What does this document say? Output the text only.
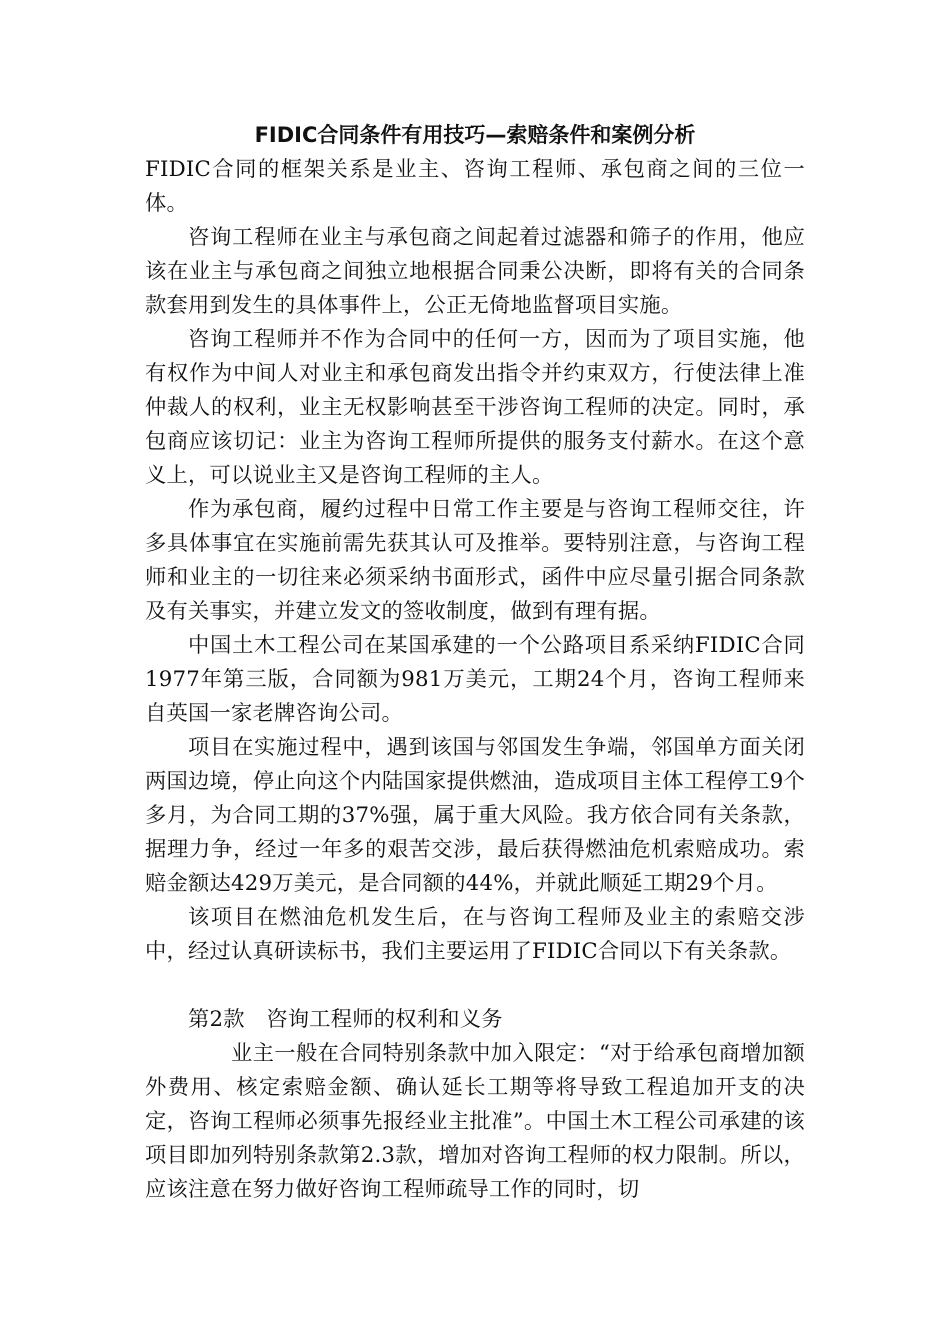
FIDIC合同条件有用技巧—索赔条件和案例分析

FIDIC合同的框架关系是业主、咨询工程师、承包商之间的三位一体。

咨询工程师在业主与承包商之间起着过滤器和筛子的作用，他应该在业主与承包商之间独立地根据合同秉公决断，即将有关的合同条款套用到发生的具体事件上，公正无倚地监督项目实施。

咨询工程师并不作为合同中的任何一方，因而为了项目实施，他有权作为中间人对业主和承包商发出指令并约束双方，行使法律上准仲裁人的权利，业主无权影响甚至干涉咨询工程师的决定。同时，承包商应该切记：业主为咨询工程师所提供的服务支付薪水。在这个意义上，可以说业主又是咨询工程师的主人。

作为承包商，履约过程中日常工作主要是与咨询工程师交往，许多具体事宜在实施前需先获其认可及推举。要特别注意，与咨询工程师和业主的一切往来必须采纳书面形式，函件中应尽量引据合同条款及有关事实，并建立发文的签收制度，做到有理有据。

中国土木工程公司在某国承建的一个公路项目系采纳FIDIC合同1977年第三版，合同额为981万美元，工期24个月，咨询工程师来自英国一家老牌咨询公司。

项目在实施过程中，遇到该国与邻国发生争端，邻国单方面关闭两国边境，停止向这个内陆国家提供燃油，造成项目主体工程停工9个多月，为合同工期的37%强，属于重大风险。我方依合同有关条款，据理力争，经过一年多的艰苦交涉，最后获得燃油危机索赔成功。索赔金额达429万美元，是合同额的44%，并就此顺延工期29个月。

该项目在燃油危机发生后，在与咨询工程师及业主的索赔交涉中，经过认真研读标书，我们主要运用了FIDIC合同以下有关条款。

第2款　咨询工程师的权利和义务

业主一般在合同特别条款中加入限定：“对于给承包商增加额外费用、核定索赔金额、确认延长工期等将导致工程追加开支的决定，咨询工程师必须事先报经业主批准”。中国土木工程公司承建的该项目即加列特别条款第2.3款，增加对咨询工程师的权力限制。所以，应该注意在努力做好咨询工程师疏导工作的同时，切
